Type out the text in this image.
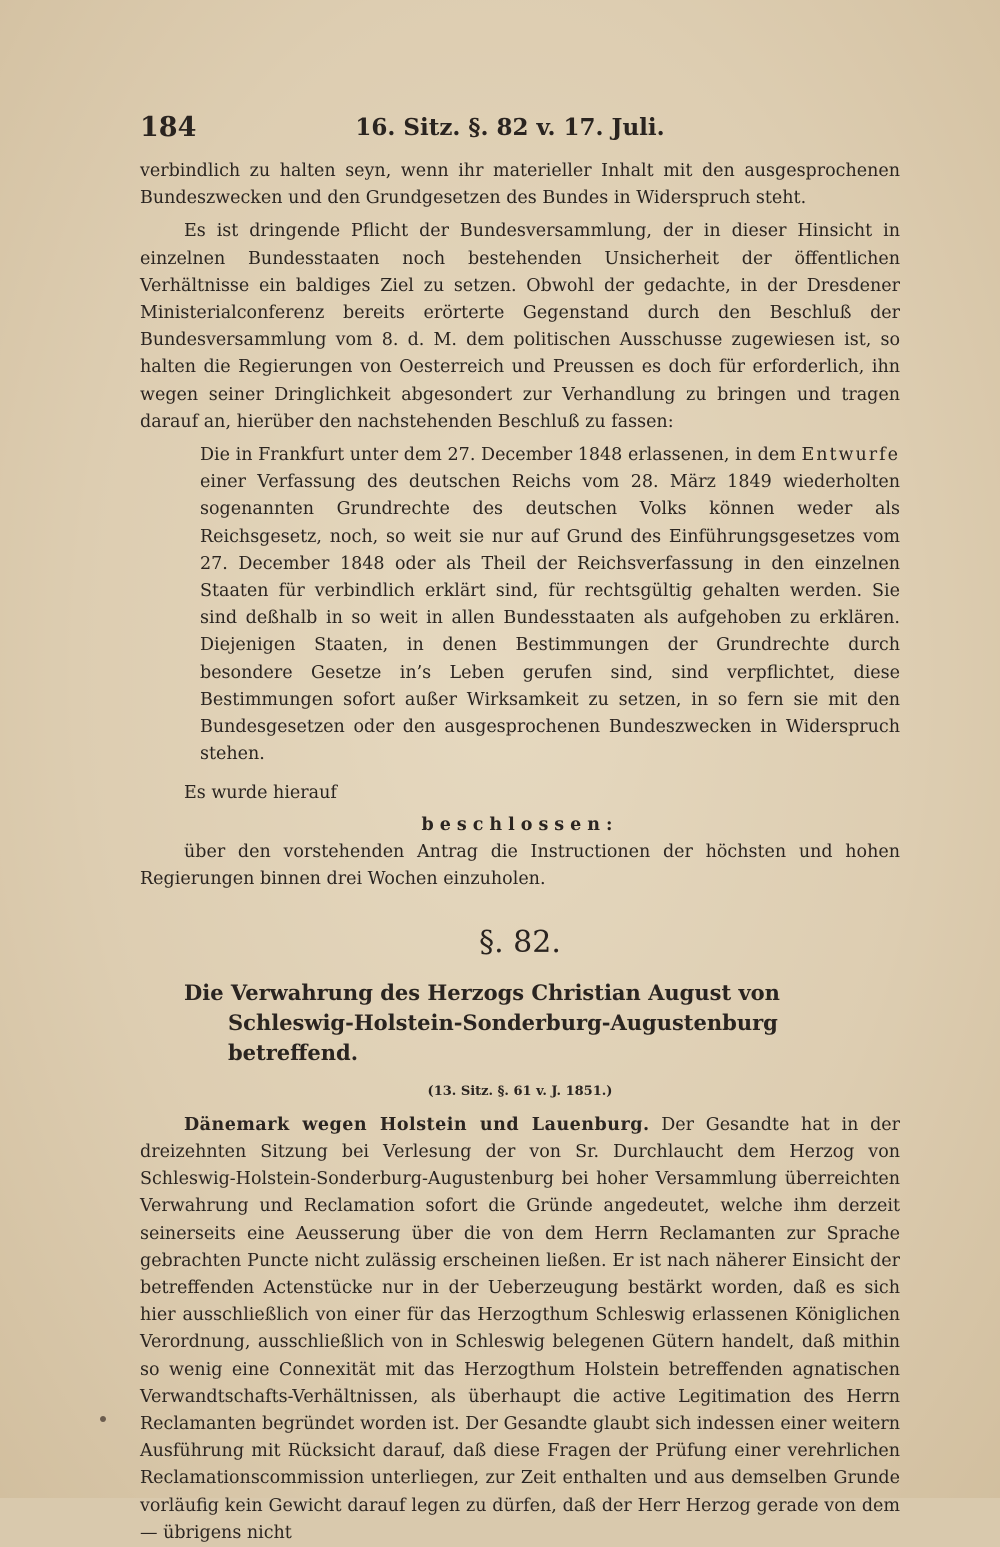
184	16. Sitz. §. 82 v. 17. Juli.

verbindlich zu halten seyn, wenn ihr materieller Inhalt mit den ausgesprochenen Bundeszwecken und den Grundgesetzen des Bundes in Widerspruch steht.

Es ist dringende Pflicht der Bundesversammlung, der in dieser Hinsicht in einzelnen Bundesstaaten noch bestehenden Unsicherheit der öffentlichen Verhältnisse ein baldiges Ziel zu setzen. Obwohl der gedachte, in der Dresdener Ministerialconferenz bereits erörterte Gegenstand durch den Beschluß der Bundesversammlung vom 8. d. M. dem politischen Ausschusse zugewiesen ist, so halten die Regierungen von Oesterreich und Preussen es doch für erforderlich, ihn wegen seiner Dringlichkeit abgesondert zur Verhandlung zu bringen und tragen darauf an, hierüber den nachstehenden Beschluß zu fassen:

Die in Frankfurt unter dem 27. December 1848 erlassenen, in dem Entwurfe einer Verfassung des deutschen Reichs vom 28. März 1849 wiederholten sogenannten Grundrechte des deutschen Volks können weder als Reichsgesetz, noch, so weit sie nur auf Grund des Einführungsgesetzes vom 27. December 1848 oder als Theil der Reichsverfassung in den einzelnen Staaten für verbindlich erklärt sind, für rechtsgültig gehalten werden. Sie sind deßhalb in so weit in allen Bundesstaaten als aufgehoben zu erklären. Diejenigen Staaten, in denen Bestimmungen der Grundrechte durch besondere Gesetze in’s Leben gerufen sind, sind verpflichtet, diese Bestimmungen sofort außer Wirksamkeit zu setzen, in so fern sie mit den Bundesgesetzen oder den ausgesprochenen Bundeszwecken in Widerspruch stehen.

Es wurde hierauf

beschlossen:

über den vorstehenden Antrag die Instructionen der höchsten und hohen Regierungen binnen drei Wochen einzuholen.

§. 82.

Die Verwahrung des Herzogs Christian August von Schleswig-Holstein-Sonderburg-Augustenburg betreffend.

(13. Sitz. §. 61 v. J. 1851.)

Dänemark wegen Holstein und Lauenburg. Der Gesandte hat in der dreizehnten Sitzung bei Verlesung der von Sr. Durchlaucht dem Herzog von Schleswig-Holstein-Sonderburg-Augustenburg bei hoher Versammlung überreichten Verwahrung und Reclamation sofort die Gründe angedeutet, welche ihm derzeit seinerseits eine Aeusserung über die von dem Herrn Reclamanten zur Sprache gebrachten Puncte nicht zulässig erscheinen ließen. Er ist nach näherer Einsicht der betreffenden Actenstücke nur in der Ueberzeugung bestärkt worden, daß es sich hier ausschließlich von einer für das Herzogthum Schleswig erlassenen Königlichen Verordnung, ausschließlich von in Schleswig belegenen Gütern handelt, daß mithin so wenig eine Connexität mit das Herzogthum Holstein betreffenden agnatischen Verwandtschafts-Verhältnissen, als überhaupt die active Legitimation des Herrn Reclamanten begründet worden ist. Der Gesandte glaubt sich indessen einer weitern Ausführung mit Rücksicht darauf, daß diese Fragen der Prüfung einer verehrlichen Reclamationscommission unterliegen, zur Zeit enthalten und aus demselben Grunde vorläufig kein Gewicht darauf legen zu dürfen, daß der Herr Herzog gerade von dem — übrigens nicht
